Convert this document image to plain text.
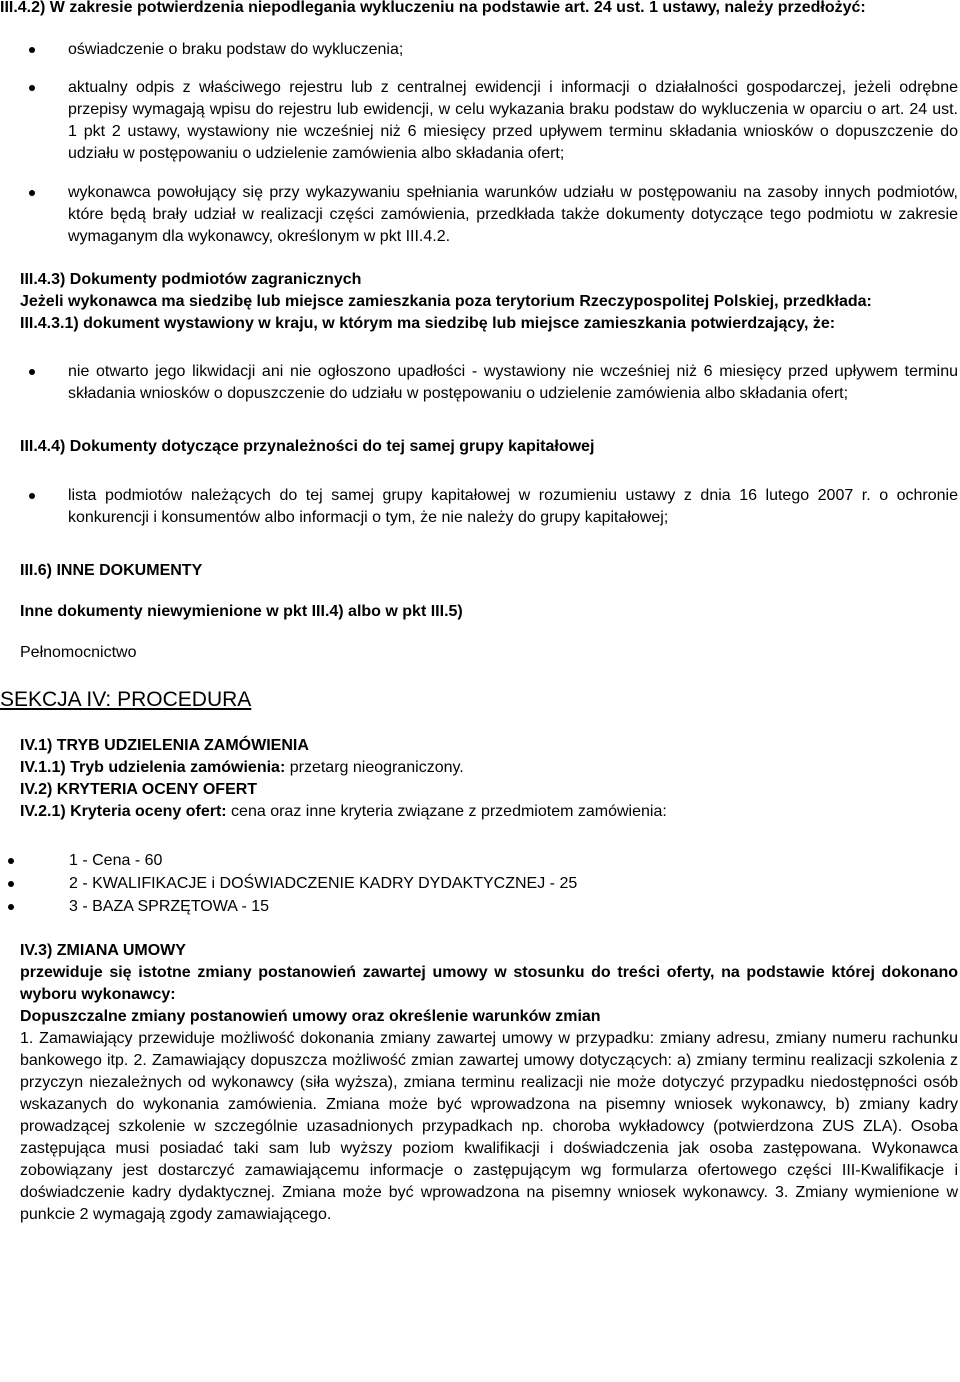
III.4.2) W zakresie potwierdzenia niepodlegania wykluczeniu na podstawie art. 24 ust. 1 ustawy, należy przedłożyć:

oświadczenie o braku podstaw do wykluczenia;
aktualny odpis z właściwego rejestru lub z centralnej ewidencji i informacji o działalności gospodarczej, jeżeli odrębne przepisy wymagają wpisu do rejestru lub ewidencji, w celu wykazania braku podstaw do wykluczenia w oparciu o art. 24 ust. 1 pkt 2 ustawy, wystawiony nie wcześniej niż 6 miesięcy przed upływem terminu składania wniosków o dopuszczenie do udziału w postępowaniu o udzielenie zamówienia albo składania ofert;
wykonawca powołujący się przy wykazywaniu spełniania warunków udziału w postępowaniu na zasoby innych podmiotów, które będą brały udział w realizacji części zamówienia, przedkłada także dokumenty dotyczące tego podmiotu w zakresie wymaganym dla wykonawcy, określonym w pkt III.4.2.

III.4.3) Dokumenty podmiotów zagranicznych

Jeżeli wykonawca ma siedzibę lub miejsce zamieszkania poza terytorium Rzeczypospolitej Polskiej, przedkłada:

III.4.3.1) dokument wystawiony w kraju, w którym ma siedzibę lub miejsce zamieszkania potwierdzający, że:

nie otwarto jego likwidacji ani nie ogłoszono upadłości - wystawiony nie wcześniej niż 6 miesięcy przed upływem terminu składania wniosków o dopuszczenie do udziału w postępowaniu o udzielenie zamówienia albo składania ofert;

III.4.4) Dokumenty dotyczące przynależności do tej samej grupy kapitałowej

lista podmiotów należących do tej samej grupy kapitałowej w rozumieniu ustawy z dnia 16 lutego 2007 r. o ochronie konkurencji i konsumentów albo informacji o tym, że nie należy do grupy kapitałowej;

III.6) INNE DOKUMENTY

Inne dokumenty niewymienione w pkt III.4) albo w pkt III.5)

Pełnomocnictwo

SEKCJA IV: PROCEDURA

IV.1) TRYB UDZIELENIA ZAMÓWIENIA

IV.1.1) Tryb udzielenia zamówienia: przetarg nieograniczony.

IV.2) KRYTERIA OCENY OFERT

IV.2.1) Kryteria oceny ofert: cena oraz inne kryteria związane z przedmiotem zamówienia:

1 - Cena - 60
2 - KWALIFIKACJE i DOŚWIADCZENIE KADRY DYDAKTYCZNEJ - 25
3 - BAZA SPRZĘTOWA - 15

IV.3) ZMIANA UMOWY

przewiduje się istotne zmiany postanowień zawartej umowy w stosunku do treści oferty, na podstawie której dokonano wyboru wykonawcy:

Dopuszczalne zmiany postanowień umowy oraz określenie warunków zmian

1. Zamawiający przewiduje możliwość dokonania zmiany zawartej umowy w przypadku: zmiany adresu, zmiany numeru rachunku bankowego itp. 2. Zamawiający dopuszcza możliwość zmian zawartej umowy dotyczących: a) zmiany terminu realizacji szkolenia z przyczyn niezależnych od wykonawcy (siła wyższa), zmiana terminu realizacji nie może dotyczyć przypadku niedostępności osób wskazanych do wykonania zamówienia. Zmiana może być wprowadzona na pisemny wniosek wykonawcy, b) zmiany kadry prowadzącej szkolenie w szczególnie uzasadnionych przypadkach np. choroba wykładowcy (potwierdzona ZUS ZLA). Osoba zastępująca musi posiadać taki sam lub wyższy poziom kwalifikacji i doświadczenia jak osoba zastępowana. Wykonawca zobowiązany jest dostarczyć zamawiającemu informacje o zastępującym wg formularza ofertowego części III-Kwalifikacje i doświadczenie kadry dydaktycznej. Zmiana może być wprowadzona na pisemny wniosek wykonawcy. 3. Zmiany wymienione w punkcie 2 wymagają zgody zamawiającego.
